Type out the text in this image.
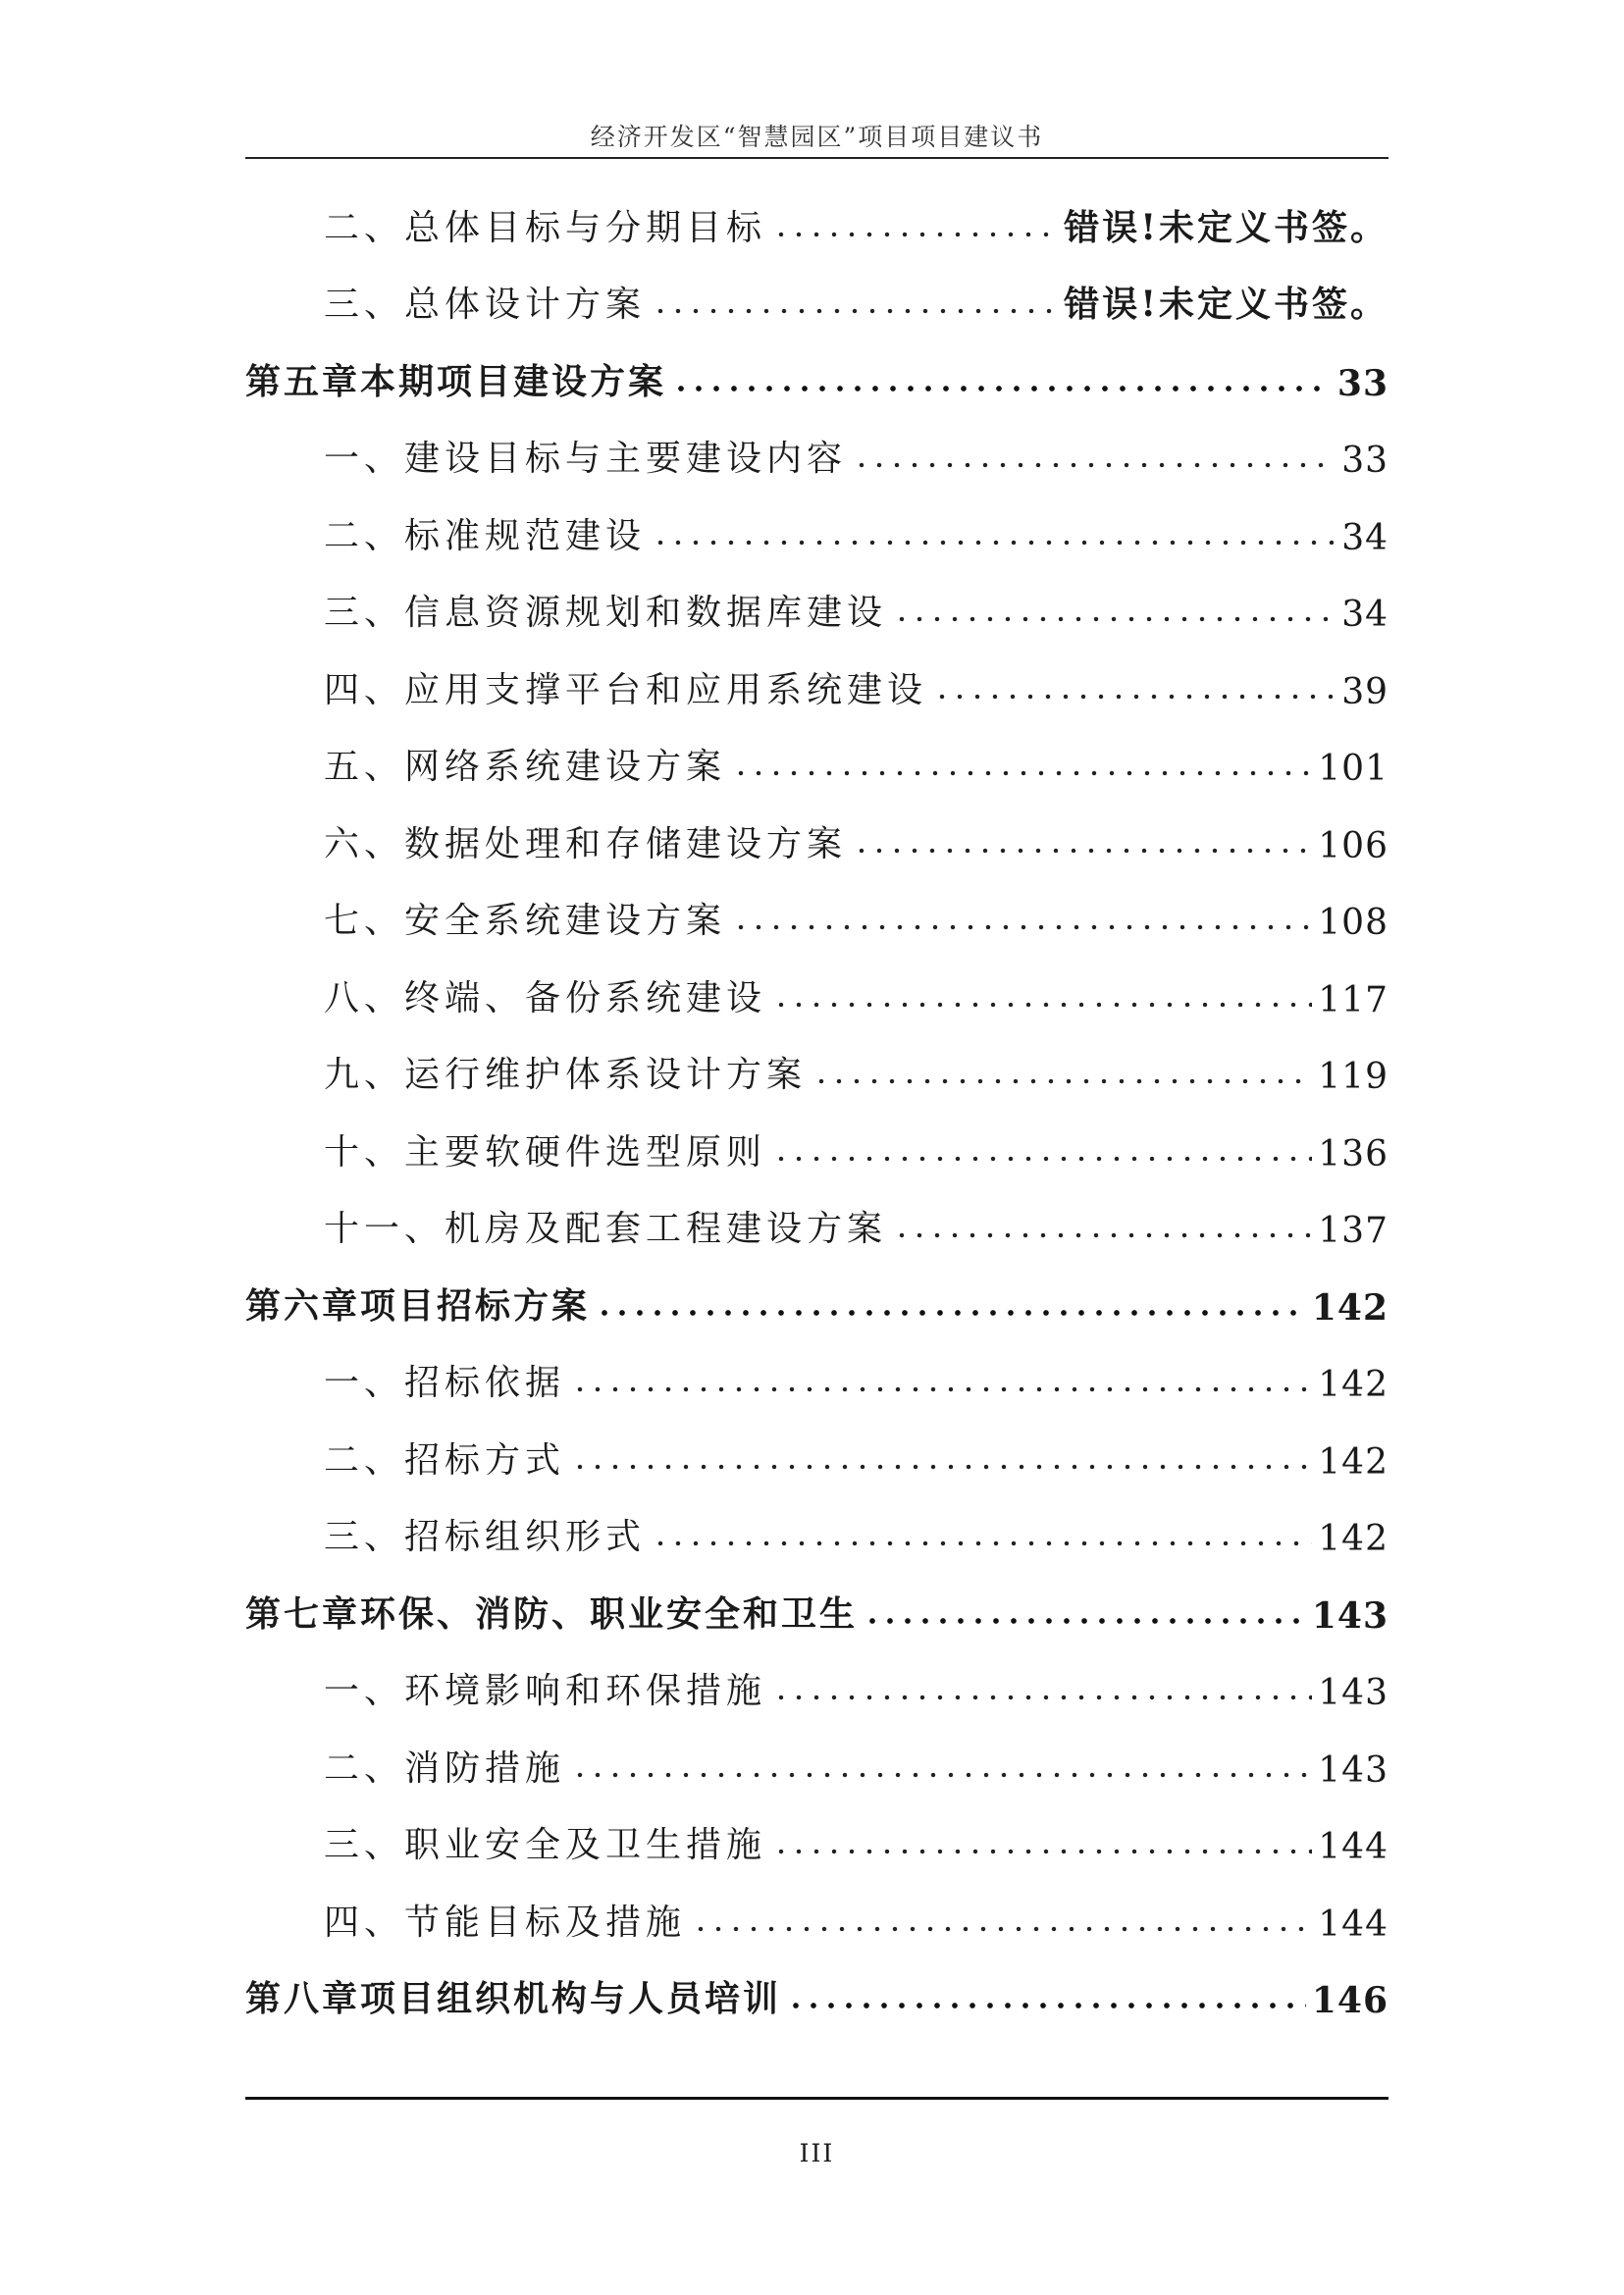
经济开发区“智慧园区”项目项目建议书
二、总体目标与分期目标	错误!未定义书签。
三、总体设计方案	错误!未定义书签。
第五章本期项目建设方案	33
一、建设目标与主要建设内容	33
二、标准规范建设	34
三、信息资源规划和数据库建设	34
四、应用支撑平台和应用系统建设	39
五、网络系统建设方案	101
六、数据处理和存储建设方案	106
七、安全系统建设方案	108
八、终端、备份系统建设	117
九、运行维护体系设计方案	119
十、主要软硬件选型原则	136
十一、机房及配套工程建设方案	137
第六章项目招标方案	142
一、招标依据	142
二、招标方式	142
三、招标组织形式	142
第七章环保、消防、职业安全和卫生	143
一、环境影响和环保措施	143
二、消防措施	143
三、职业安全及卫生措施	144
四、节能目标及措施	144
第八章项目组织机构与人员培训	146
III
